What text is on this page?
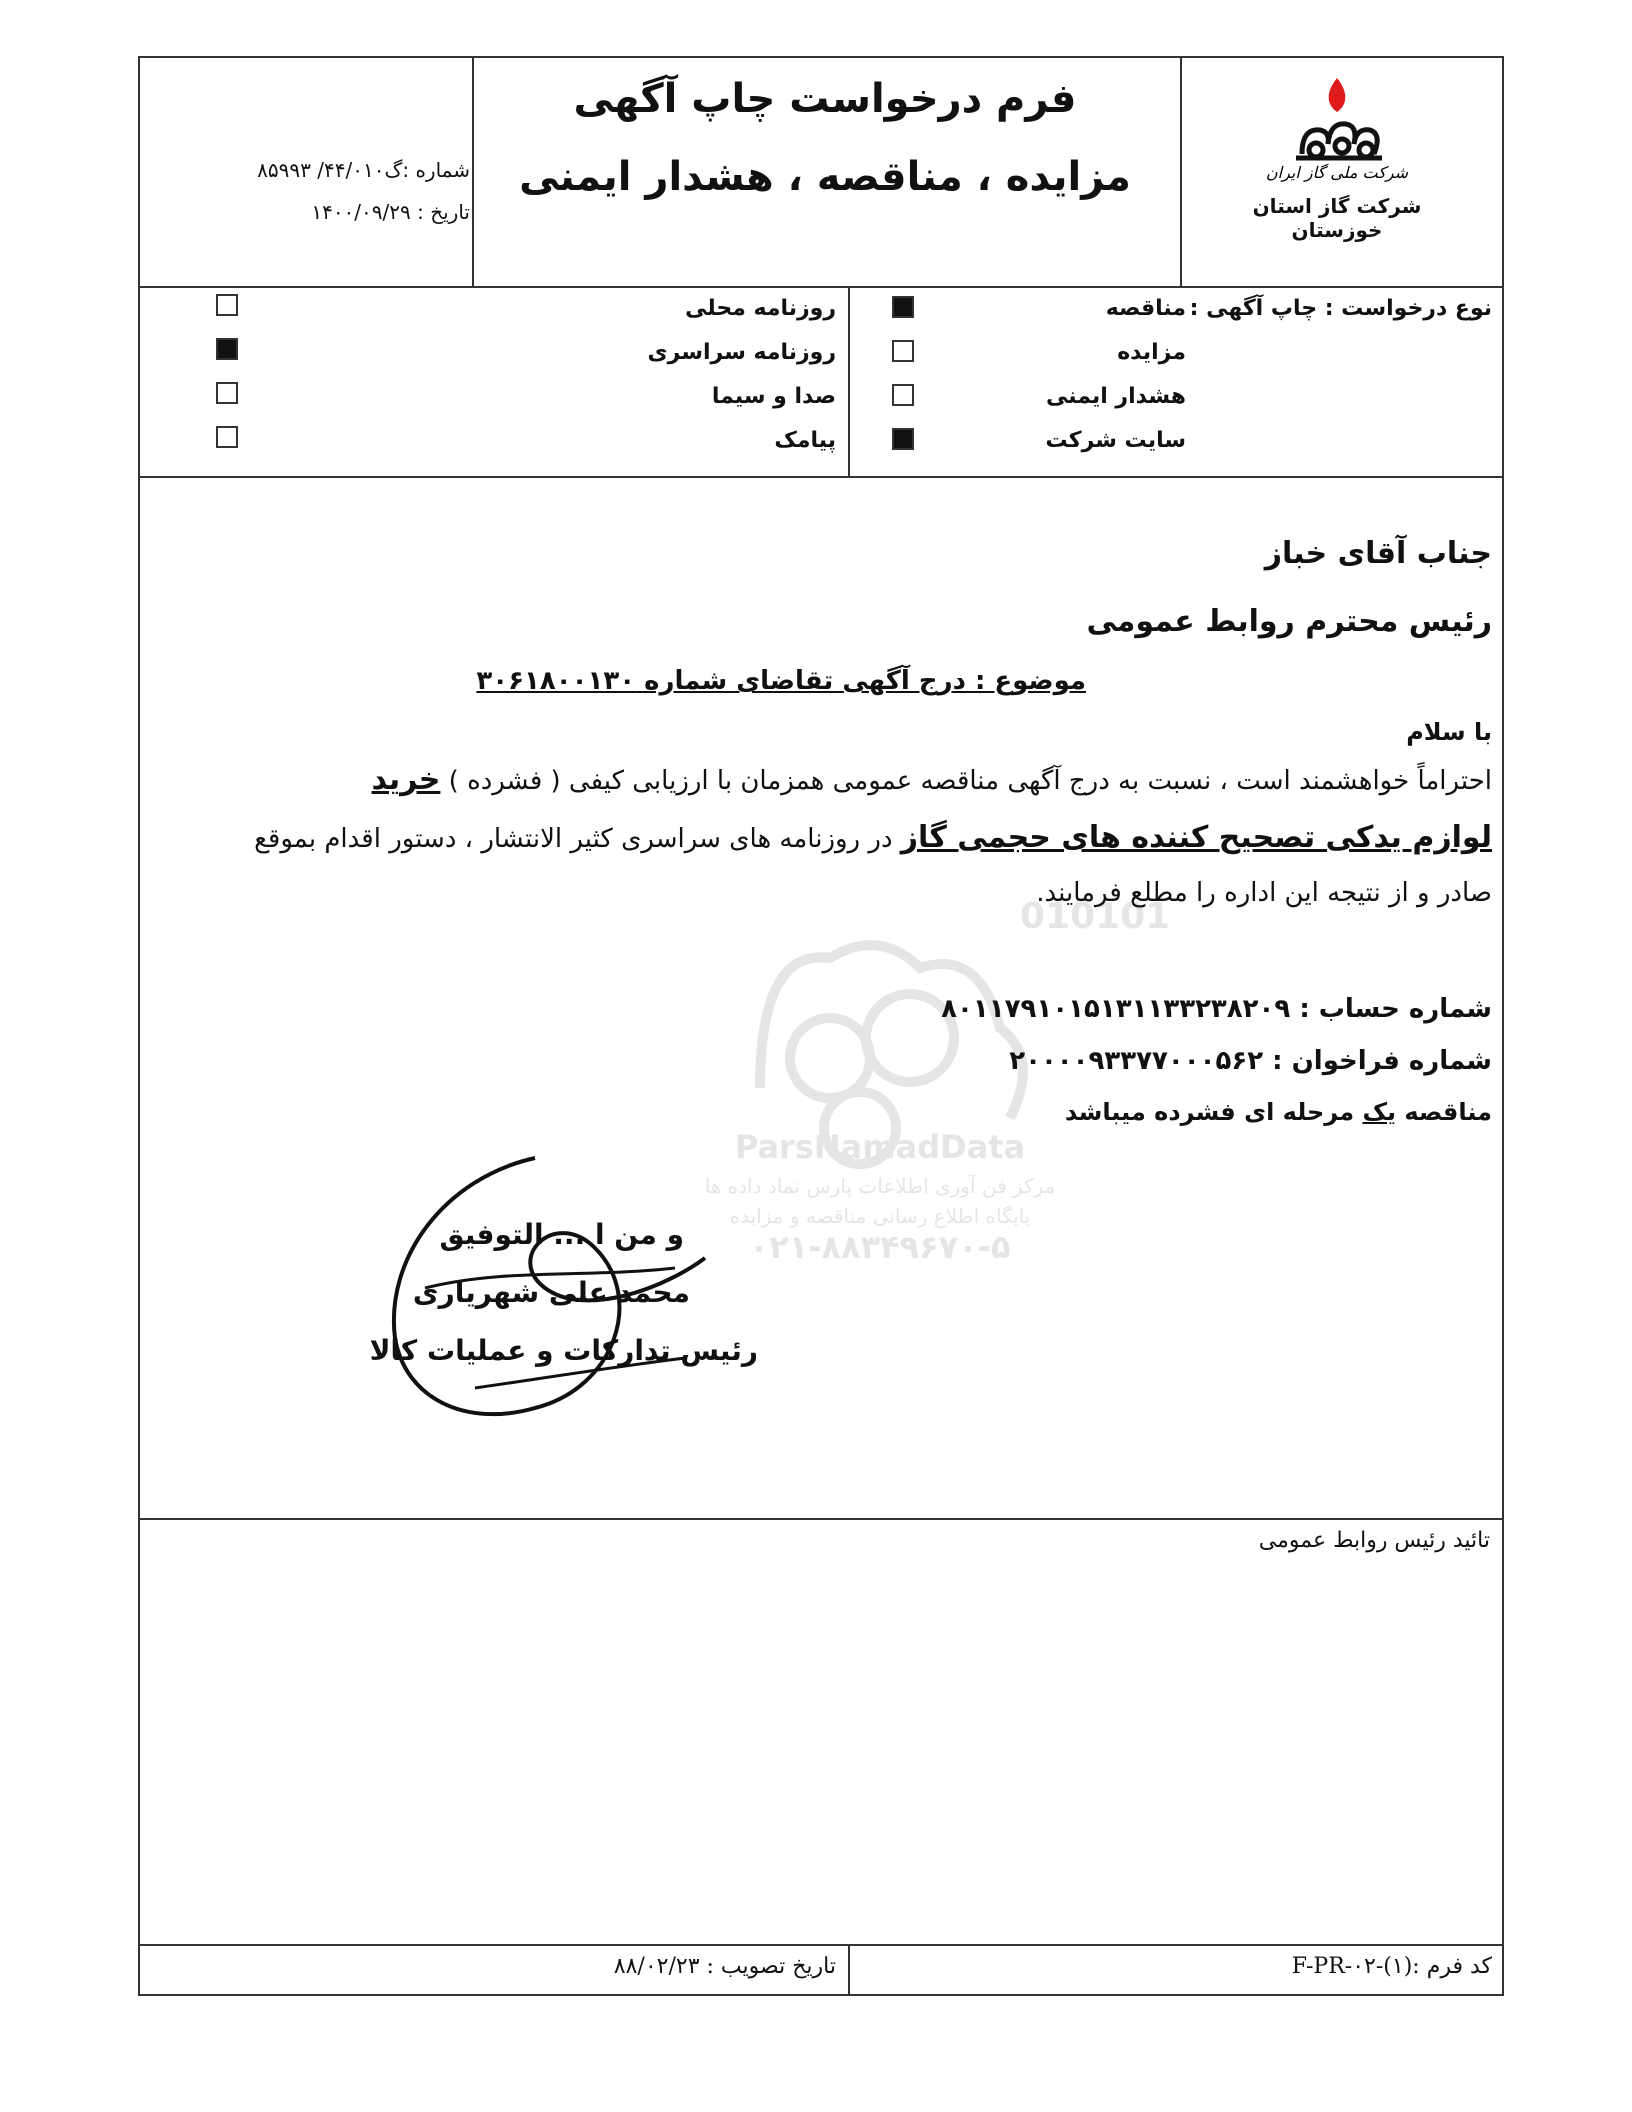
شرکت ملی گاز ایران
شرکت گاز استان خوزستان
فرم درخواست چاپ آگهی
مزایده ، مناقصه ، هشدار ایمنی
شماره :گ۴۴/۰۱۰/ ۸۵۹۹۳
تاریخ : ۱۴۰۰/۰۹/۲۹
نوع درخواست : چاپ آگهی :
مناقصه
مزایده
هشدار ایمنی
سایت شرکت
روزنامه محلی
روزنامه سراسری
صدا و سیما
پیامک
010101
ParsNamadData
مرکز فن آوری اطلاعات پارس نماد داده ها
پایگاه اطلاع رسانی مناقصه و مزایده
۰۲۱-۸۸۳۴۹۶۷۰-۵
جناب آقای خباز
رئیس محترم روابط عمومی
موضوع : درج آگهی تقاضای شماره ۳۰۶۱۸۰۰۱۳۰
با سلام
احتراماً خواهشمند است ، نسبت به درج آگهی مناقصه عمومی همزمان با ارزیابی کیفی ( فشرده ) خرید
لوازم یدکی تصحیح کننده های حجمی گاز در روزنامه های سراسری کثیر الانتشار ، دستور اقدام بموقع
صادر و از نتیجه این اداره را مطلع فرمایند.
شماره حساب : ۸۰۱۱۷۹۱۰۱۵۱۳۱۱۳۳۲۳۸۲۰۹
شماره فراخوان : ۲۰۰۰۰۹۳۳۷۷۰۰۰۵۶۲
مناقصه یک مرحله ای فشرده میباشد
و من ا ... التوفیق
محمد علی شهریاری
رئیس تدارکات و عملیات کالا
تائید رئیس روابط عمومی
کد فرم :(۱)-F-PR-۰۲
تاریخ تصویب : ۸۸/۰۲/۲۳
